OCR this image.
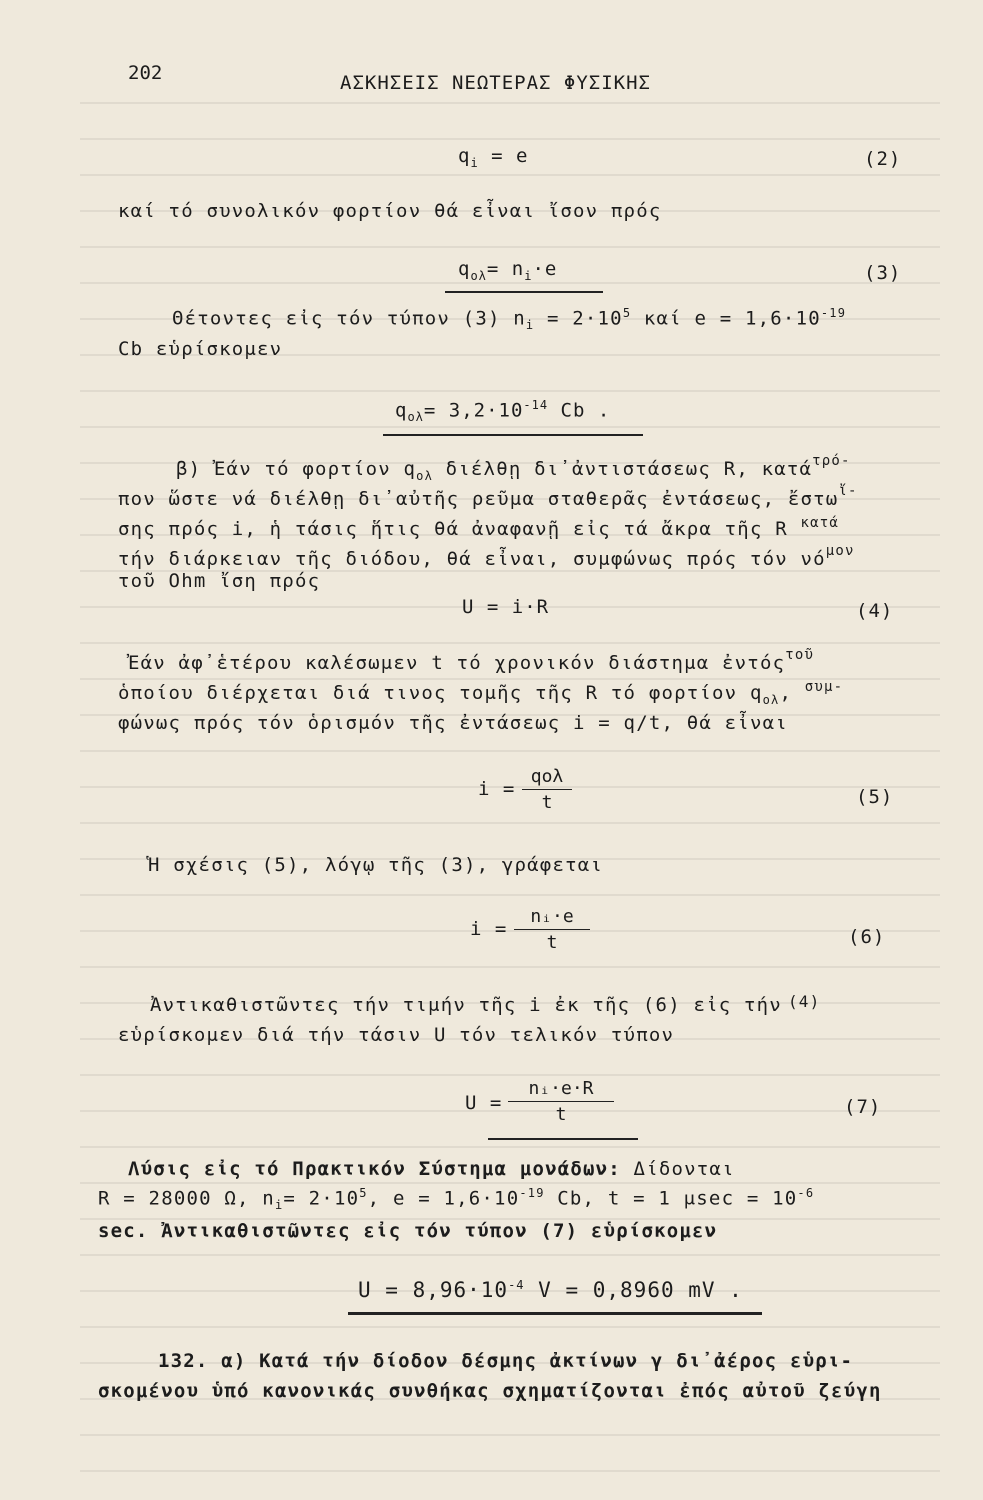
202	ΑΣΚΗΣΕΙΣ ΝΕΩΤΕΡΑΣ ΦΥΣΙΚΗΣ
$q_i = e$	(2)
καί τό συνολικόν φορτίον θά εἶναι ἴσον πρός
$q_{o\lambda}= n_i\cdot e$	(3)
Θέτοντες εἰς τόν τύπον (3) $n_i = 2\cdot 10^5$ καί $e = 1,6\cdot 10^{-19}$
Cb εὑρίσκομεν
$q_{o\lambda}= 3,2\cdot 10^{-14}$ Cb .
β) Ἐάν τό φορτίον $q_{o\lambda}$ διέλθῃ δι᾽ἀντιστάσεως R, κατά$^{\tau\rho ό-}$
πον ὥστε νά διέλθῃ δι᾽αὐτῆς ρεῦμα σταθερᾶς ἐντάσεως, ἔστω$^{ἴ-}$
σης πρός i, ἡ τάσις ἥτις θά ἀναφανῇ εἰς τά ἄκρα τῆς R $^{\kappa\alpha\tau ά}$
τήν διάρκειαν τῆς διόδου, θά εἶναι, συμφώνως πρός τόν $\nu ό^{\mu o\nu}$
τοῦ Ohm ἴση πρός
U = i·R	(4)
Ἐάν ἀφ᾽ἑτέρου καλέσωμεν t τό χρονικόν διάστημα ἐντός$^{\tau oῦ}$
ὁποίου διέρχεται διά τινος τομῆς τῆς R τό φορτίον $q_{o\lambda}$, $^{\sigma\upsilon\mu-}$
φώνως πρός τόν ὁρισμόν τῆς ἐντάσεως i = q/t, θά εἶναι
i =
qολ
t	(5)
Ἡ σχέσις (5), λόγῳ τῆς (3), γράφεται
$i = \frac{\text{nᵢ·e}}{t}$	(6)
Ἀντικαθιστῶντες τήν τιμήν τῆς i ἐκ τῆς (6) εἰς τήν $^{(4)}$
εὑρίσκομεν διά τήν τάσιν U τόν τελικόν τύπον
$U = \frac{\text{nᵢ·e·R}}{t}$	(7)
Λύσις εἰς τό Πρακτικόν Σύστημα μονάδων: Δίδονται
R = 28000 Ω, $n_i= 2\cdot 10^5$, $e = 1,6\cdot 10^{-19}$ Cb, t = 1 $\mu\sec = 10^{-6}$
sec. Ἀντικαθιστῶντες εἰς τόν τύπον (7) εὑρίσκομεν
$U = 8,96\cdot 10^{-4}$ V = 0,8960 mV .
132. α) Κατά τήν δίοδον δέσμης ἀκτίνων γ δι᾽ἀέρος εὑρι-
σκομένου ὑπό κανονικάς συνθήκας σχηματίζονται ἐπός αὐτοῦ ζεύγη
